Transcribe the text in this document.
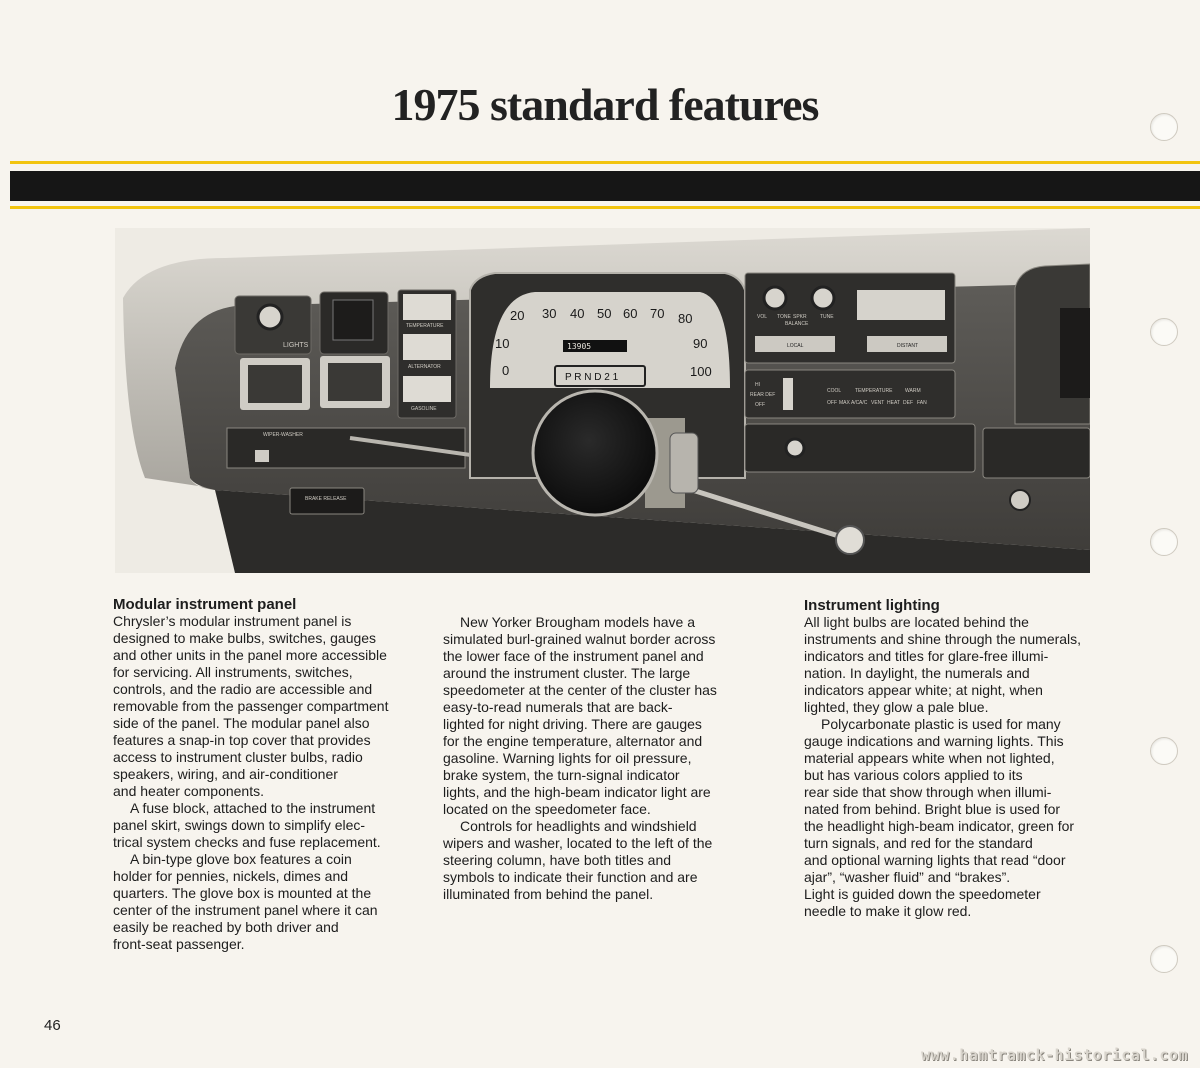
1975 standard features
LIGHTS
TEMPERATURE
ALTERNATOR
GASOLINE
WIPER-WASHER
0
10
20 30 40 50 60 70 80
90
100
13905
P R N D 2 1
VOL TONE SPKR	TUNE
BALANCE
LOCAL	DISTANT
HI
REAR DEF
OFF
COOL	TEMPERATURE	WARM
OFF MAX A/C A/C VENT HEAT DEF FAN
BRAKE RELEASE
Modular instrument panel

Chrysler’s modular instrument panel is
designed to make bulbs, switches, gauges
and other units in the panel more accessible
for servicing. All instruments, switches,
controls, and the radio are accessible and
removable from the passenger compartment
side of the panel. The modular panel also
features a snap-in top cover that provides
access to instrument cluster bulbs, radio
speakers, wiring, and air-conditioner
and heater components.

A fuse block, attached to the instrument
panel skirt, swings down to simplify elec-
trical system checks and fuse replacement.

A bin-type glove box features a coin
holder for pennies, nickels, dimes and
quarters. The glove box is mounted at the
center of the instrument panel where it can
easily be reached by both driver and
front-seat passenger.

New Yorker Brougham models have a
simulated burl-grained walnut border across
the lower face of the instrument panel and
around the instrument cluster. The large
speedometer at the center of the cluster has
easy-to-read numerals that are back-
lighted for night driving. There are gauges
for the engine temperature, alternator and
gasoline. Warning lights for oil pressure,
brake system, the turn-signal indicator
lights, and the high-beam indicator light are
located on the speedometer face.

Controls for headlights and windshield
wipers and washer, located to the left of the
steering column, have both titles and
symbols to indicate their function and are
illuminated from behind the panel.

Instrument lighting

All light bulbs are located behind the
instruments and shine through the numerals,
indicators and titles for glare-free illumi-
nation. In daylight, the numerals and
indicators appear white; at night, when
lighted, they glow a pale blue.

Polycarbonate plastic is used for many
gauge indications and warning lights. This
material appears white when not lighted,
but has various colors applied to its
rear side that show through when illumi-
nated from behind. Bright blue is used for
the headlight high-beam indicator, green for
turn signals, and red for the standard
and optional warning lights that read “door
ajar”, “washer fluid” and “brakes”.
Light is guided down the speedometer
needle to make it glow red.

46
www.hamtramck-historical.com
